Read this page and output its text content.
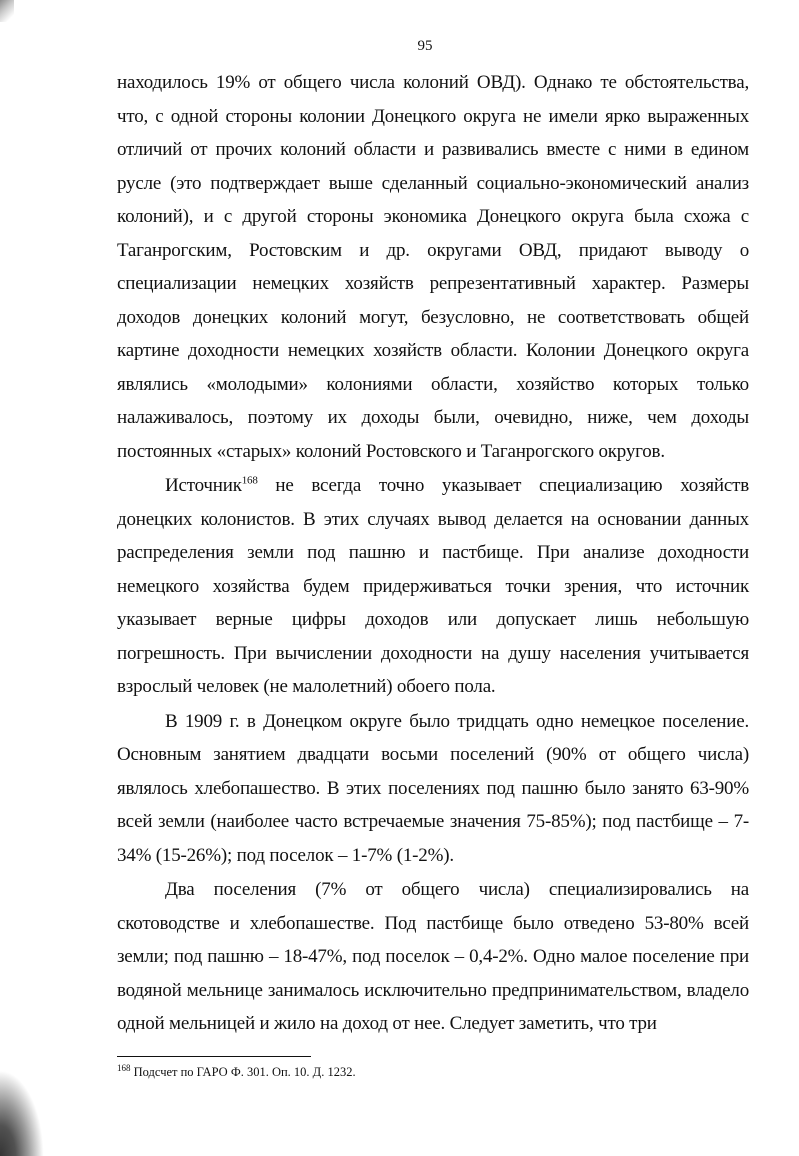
95

находилось 19% от общего числа колоний ОВД). Однако те обстоятельства, что, с одной стороны колонии Донецкого округа не имели ярко выраженных отличий от прочих колоний области и развивались вместе с ними в едином русле (это подтверждает выше сделанный социально-экономический анализ колоний), и с другой стороны экономика Донецкого округа была схожа с Таганрогским, Ростовским и др. округами ОВД, придают выводу о специализации немецких хозяйств репрезентативный характер. Размеры доходов донецких колоний могут, безусловно, не соответствовать общей картине доходности немецких хозяйств области. Колонии Донецкого округа являлись «молодыми» колониями области, хозяйство которых только налаживалось, поэтому их доходы были, очевидно, ниже, чем доходы постоянных «старых» колоний Ростовского и Таганрогского округов.

Источник$^{168}$ не всегда точно указывает специализацию хозяйств донецких колонистов. В этих случаях вывод делается на основании данных распределения земли под пашню и пастбище. При анализе доходности немецкого хозяйства будем придерживаться точки зрения, что источник указывает верные цифры доходов или допускает лишь небольшую погрешность. При вычислении доходности на душу населения учитывается взрослый человек (не малолетний) обоего пола.

В 1909 г. в Донецком округе было тридцать одно немецкое поселение. Основным занятием двадцати восьми поселений (90% от общего числа) являлось хлебопашество. В этих поселениях под пашню было занято 63-90% всей земли (наиболее часто встречаемые значения 75-85%); под пастбище – 7-34% (15-26%); под поселок – 1-7% (1-2%).

Два поселения (7% от общего числа) специализировались на скотоводстве и хлебопашестве. Под пастбище было отведено 53-80% всей земли; под пашню – 18-47%, под поселок – 0,4-2%. Одно малое поселение при водяной мельнице занималось исключительно предпринимательством, владело одной мельницей и жило на доход от нее. Следует заметить, что три

$^{168}$ Подсчет по ГАРО Ф. 301. Оп. 10. Д. 1232.
